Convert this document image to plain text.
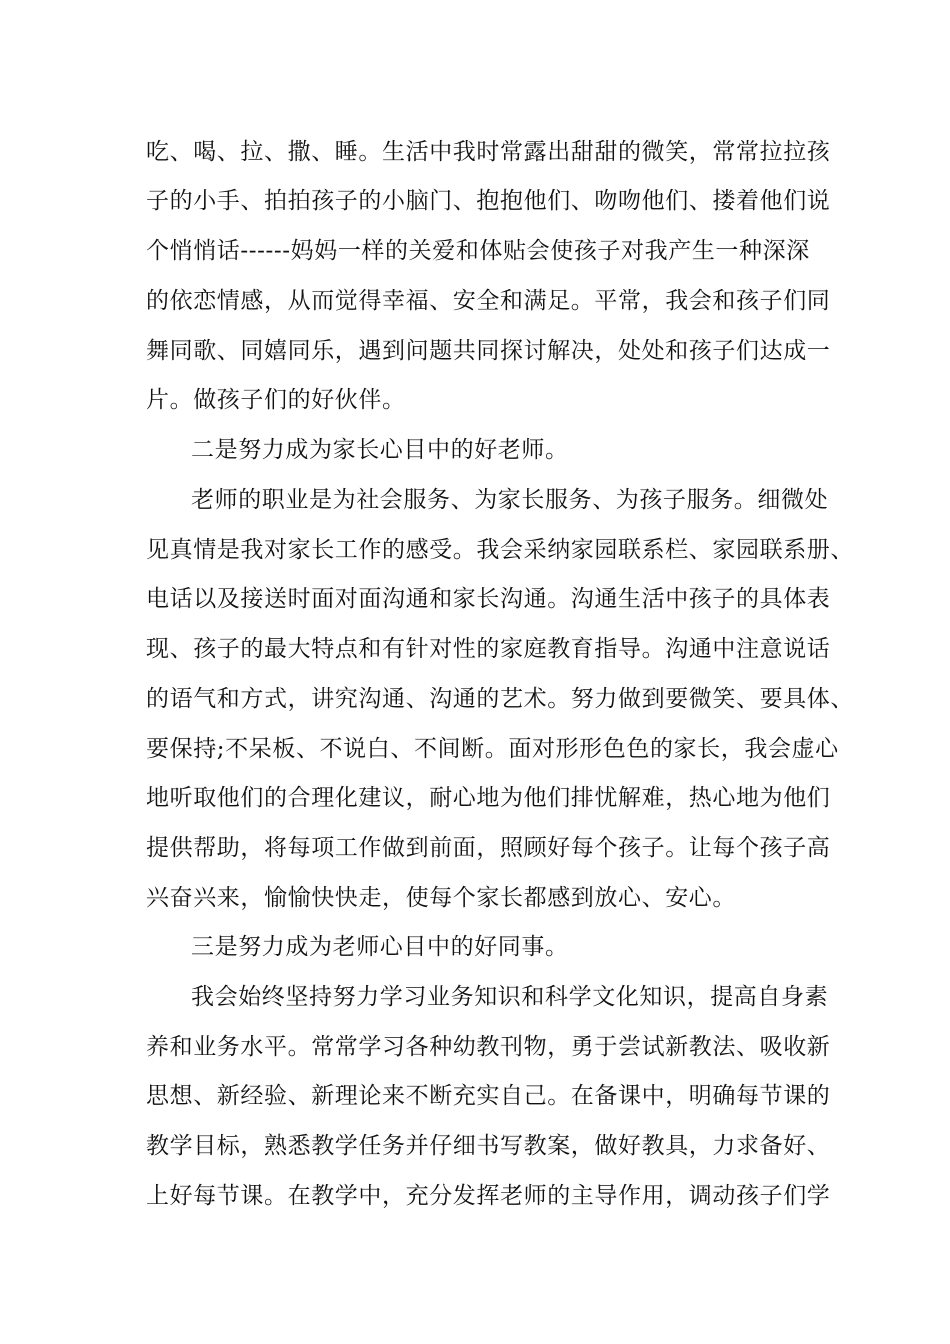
吃、喝、拉、撒、睡。生活中我时常露出甜甜的微笑，常常拉拉孩
子的小手、拍拍孩子的小脑门、抱抱他们、吻吻他们、搂着他们说
个悄悄话------妈妈一样的关爱和体贴会使孩子对我产生一种深深
的依恋情感，从而觉得幸福、安全和满足。平常，我会和孩子们同
舞同歌、同嬉同乐，遇到问题共同探讨解决，处处和孩子们达成一
片。做孩子们的好伙伴。
二是努力成为家长心目中的好老师。
老师的职业是为社会服务、为家长服务、为孩子服务。细微处
见真情是我对家长工作的感受。我会采纳家园联系栏、家园联系册、
电话以及接送时面对面沟通和家长沟通。沟通生活中孩子的具体表
现、孩子的最大特点和有针对性的家庭教育指导。沟通中注意说话
的语气和方式，讲究沟通、沟通的艺术。努力做到要微笑、要具体、
要保持;不呆板、不说白、不间断。面对形形色色的家长，我会虚心
地听取他们的合理化建议，耐心地为他们排忧解难，热心地为他们
提供帮助，将每项工作做到前面，照顾好每个孩子。让每个孩子高
兴奋兴来，愉愉快快走，使每个家长都感到放心、安心。
三是努力成为老师心目中的好同事。
我会始终坚持努力学习业务知识和科学文化知识，提高自身素
养和业务水平。常常学习各种幼教刊物，勇于尝试新教法、吸收新
思想、新经验、新理论来不断充实自己。在备课中，明确每节课的
教学目标，熟悉教学任务并仔细书写教案，做好教具，力求备好、
上好每节课。在教学中，充分发挥老师的主导作用，调动孩子们学
